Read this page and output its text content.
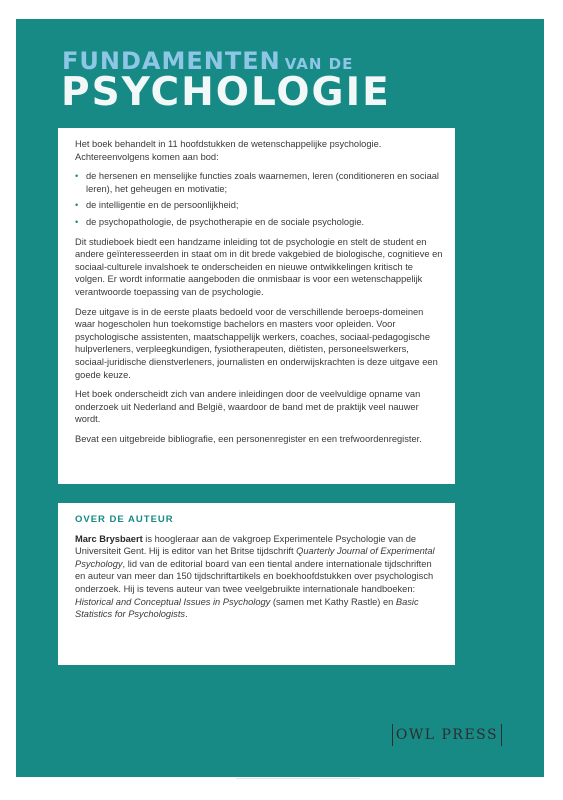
FUNDAMENTEN VAN DE
PSYCHOLOGIE

Het boek behandelt in 11 hoofdstukken de wetenschappelijke psychologie. Achtereenvolgens komen aan bod:

• de hersenen en menselijke functies zoals waarnemen, leren (conditioneren en sociaal leren), het geheugen en motivatie;
• de intelligentie en de persoonlijkheid;
• de psychopathologie, de psychotherapie en de sociale psychologie.

Dit studieboek biedt een handzame inleiding tot de psychologie en stelt de student en andere geïnteresseerden in staat om in dit brede vakgebied de biologische, cognitieve en sociaal-culturele invalshoek te onderscheiden en nieuwe ontwikkelingen kritisch te volgen. Er wordt informatie aangeboden die onmisbaar is voor een wetenschappelijk verantwoorde toepassing van de psychologie.

Deze uitgave is in de eerste plaats bedoeld voor de verschillende beroeps-domeinen waar hogescholen hun toekomstige bachelors en masters voor opleiden. Voor psychologische assistenten, maatschappelijk werkers, coaches, sociaal-pedagogische hulpverleners, verpleegkundigen, fysiotherapeuten, diëtisten, personeelswerkers, sociaal-juridische dienstverleners, journalisten en onderwijskrachten is deze uitgave een goede keuze.

Het boek onderscheidt zich van andere inleidingen door de veelvuldige opname van onderzoek uit Nederland and België, waardoor de band met de praktijk veel nauwer wordt.

Bevat een uitgebreide bibliografie, een personenregister en een trefwoordenregister.

OVER DE AUTEUR

Marc Brysbaert is hoogleraar aan de vakgroep Experimentele Psychologie van de Universiteit Gent. Hij is editor van het Britse tijdschrift Quarterly Journal of Experimental Psychology, lid van de editorial board van een tiental andere internationale tijdschriften en auteur van meer dan 150 tijdschriftartikels en boekhoofdstukken over psychologisch onderzoek. Hij is tevens auteur van twee veelgebruikte internationale handboeken: Historical and Conceptual Issues in Psychology (samen met Kathy Rastle) en Basic Statistics for Psychologists.

OWL PRESS
